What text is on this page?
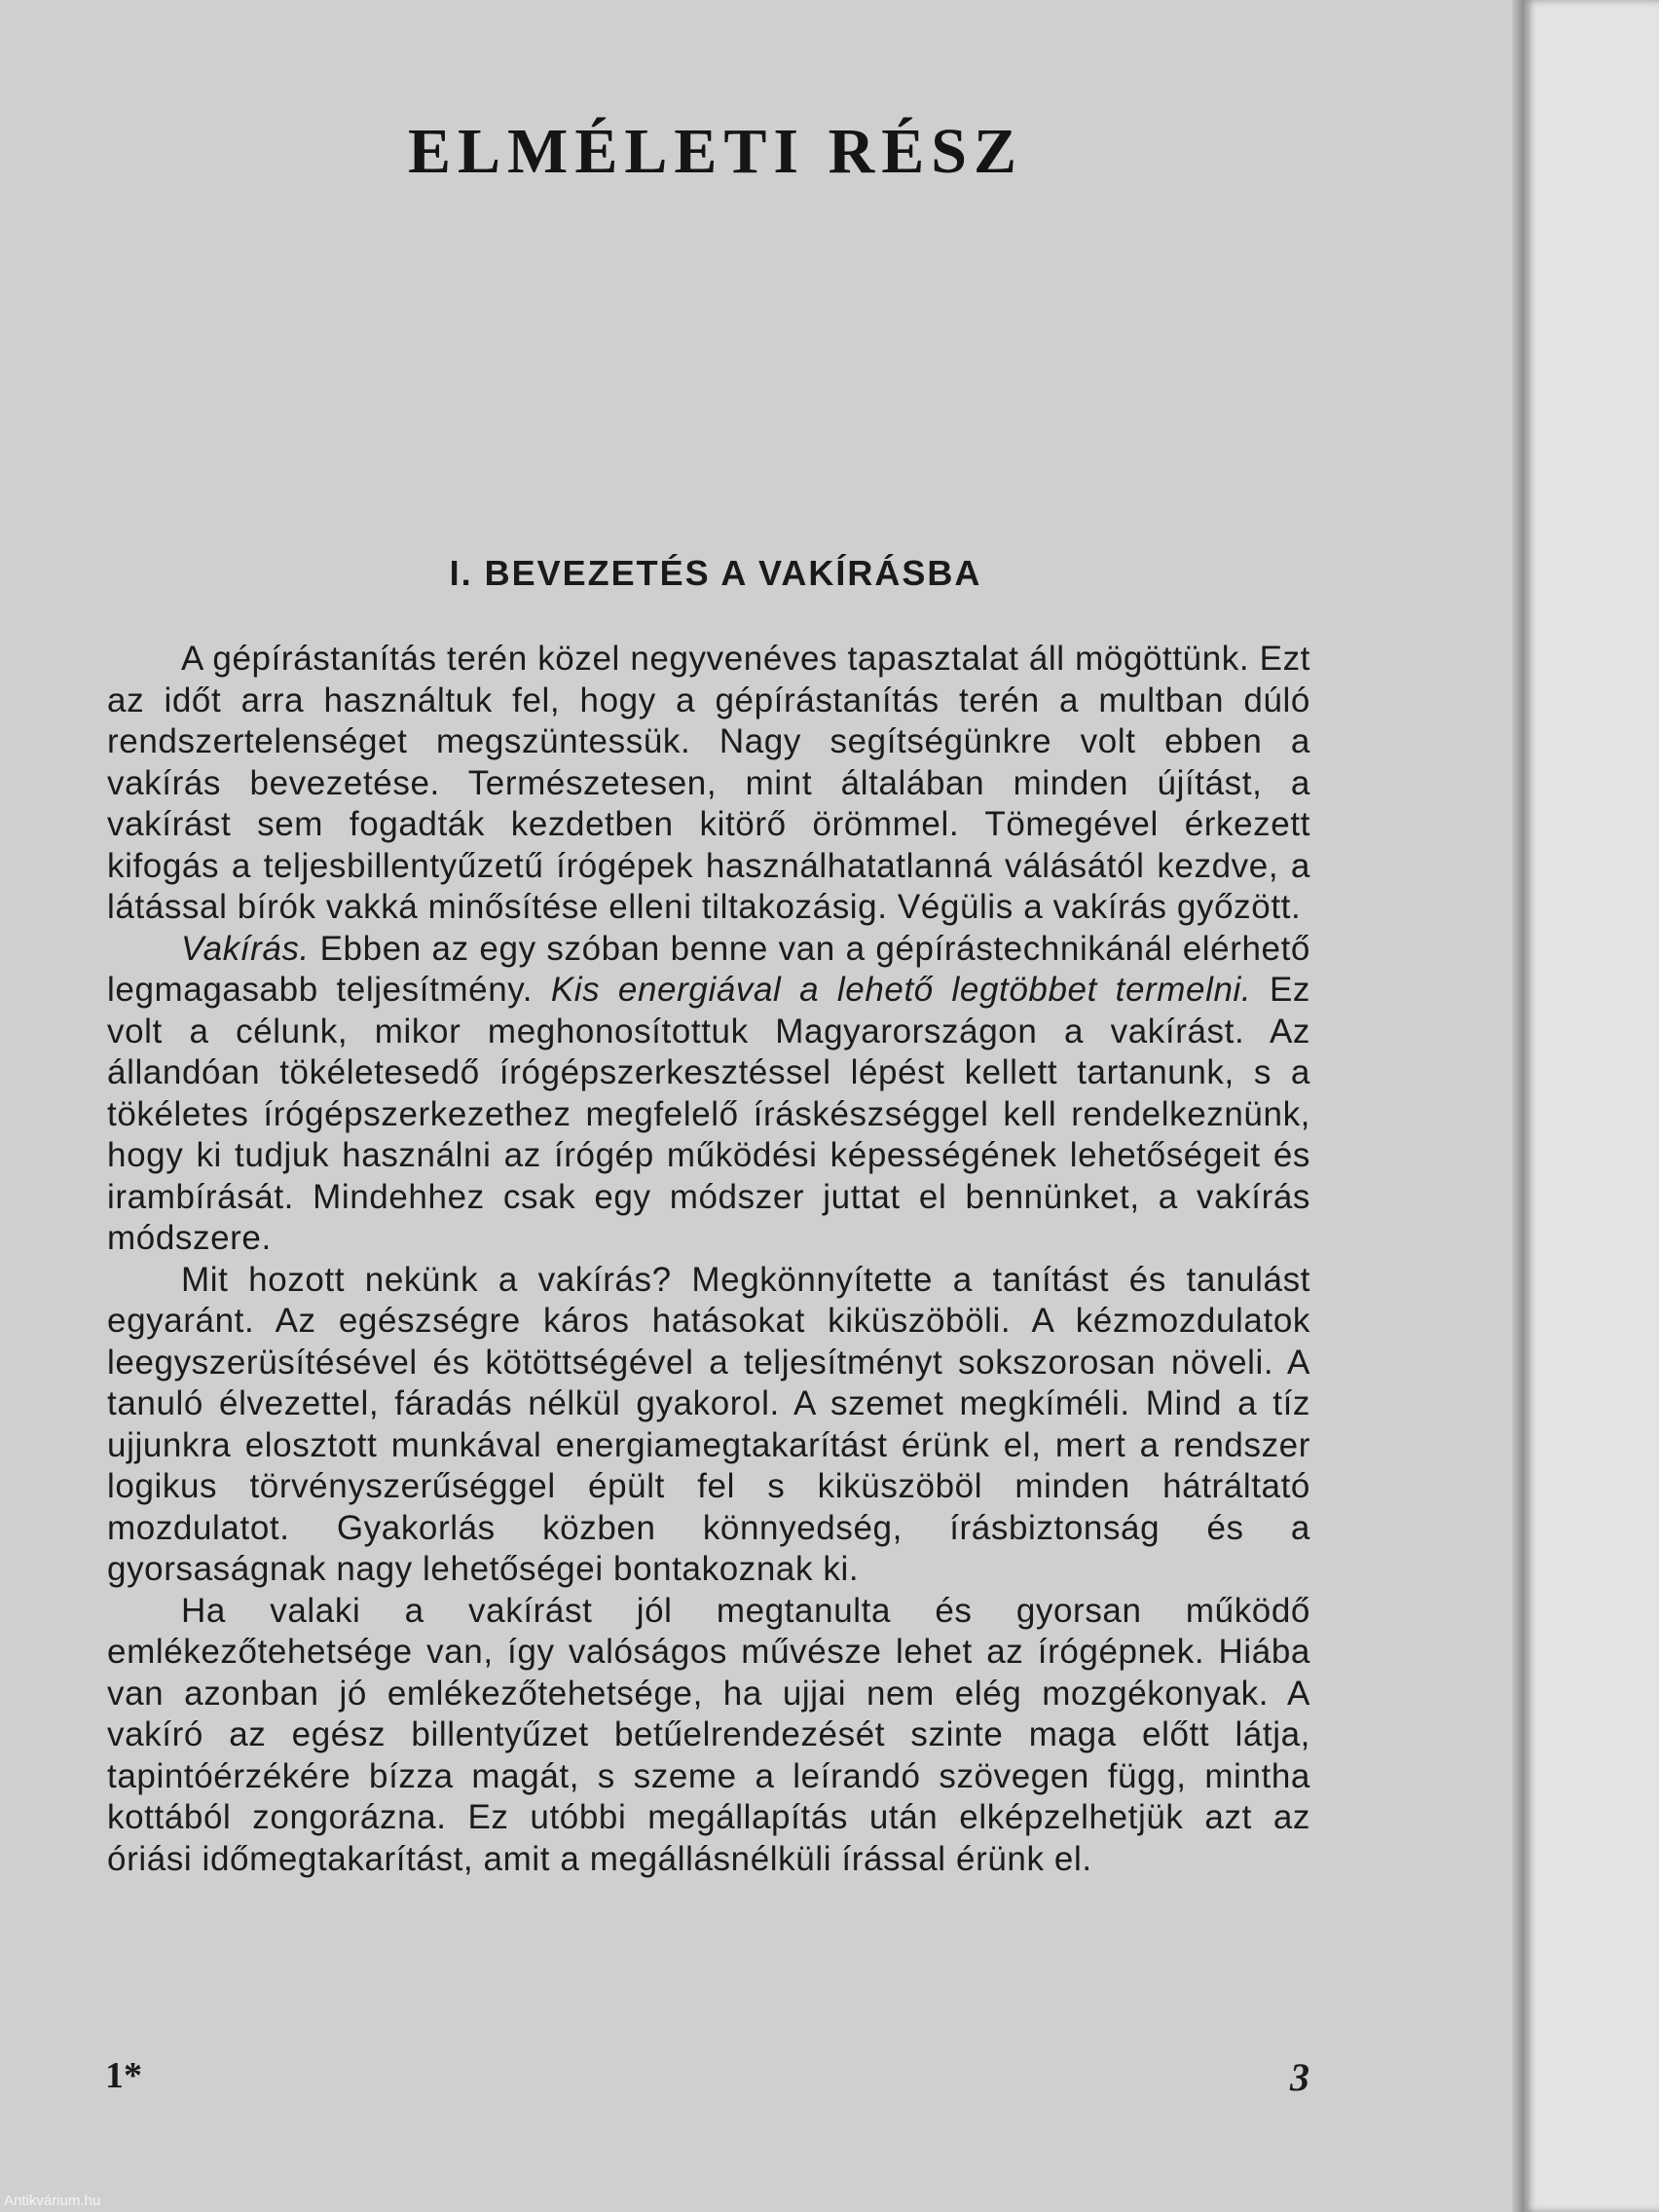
ELMÉLETI RÉSZ
I. BEVEZETÉS A VAKÍRÁSBA

A gépírástanítás terén közel negyvenéves tapasztalat áll mögöttünk. Ezt az időt arra használtuk fel, hogy a gépírástanítás terén a multban dúló rendszertelenséget megszüntessük. Nagy segítségünkre volt ebben a vakírás bevezetése. Természetesen, mint általában minden újítást, a vakírást sem fogadták kezdetben kitörő örömmel. Tömegével érkezett kifogás a teljesbillentyűzetű írógépek használhatatlanná válásától kezdve, a látással bírók vakká minősítése elleni tiltakozásig. Végülis a vakírás győzött.

Vakírás. Ebben az egy szóban benne van a gépírástechnikánál elérhető legmagasabb teljesítmény. Kis energiával a lehető legtöbbet termelni. Ez volt a célunk, mikor meghonosítottuk Magyarországon a vakírást. Az állandóan tökéletesedő írógépszerkesztéssel lépést kellett tartanunk, s a tökéletes írógépszerkezethez megfelelő íráskészséggel kell rendelkeznünk, hogy ki tudjuk használni az írógép működési képességének lehetőségeit és irambírását. Mindehhez csak egy módszer juttat el bennünket, a vakírás módszere.

Mit hozott nekünk a vakírás? Megkönnyítette a tanítást és tanulást egyaránt. Az egészségre káros hatásokat kiküszöböli. A kézmozdulatok leegyszerüsítésével és kötöttségével a teljesítményt sokszorosan növeli. A tanuló élvezettel, fáradás nélkül gyakorol. A szemet megkíméli. Mind a tíz ujjunkra elosztott munkával energiamegtakarítást érünk el, mert a rendszer logikus törvényszerűséggel épült fel s kiküszöböl minden hátráltató mozdulatot. Gyakorlás közben könnyedség, írásbiztonság és a gyorsaságnak nagy lehetőségei bontakoznak ki.

Ha valaki a vakírást jól megtanulta és gyorsan működő emlékezőtehetsége van, így valóságos művésze lehet az írógépnek. Hiába van azonban jó emlékezőtehetsége, ha ujjai nem elég mozgékonyak. A vakíró az egész billentyűzet betűelrendezését szinte maga előtt látja, tapintóérzékére bízza magát, s szeme a leírandó szövegen függ, mintha kottából zongorázna. Ez utóbbi megállapítás után elképzelhetjük azt az óriási időmegtakarítást, amit a megállásnélküli írással érünk el.

1*	3
Antikvárium.hu
